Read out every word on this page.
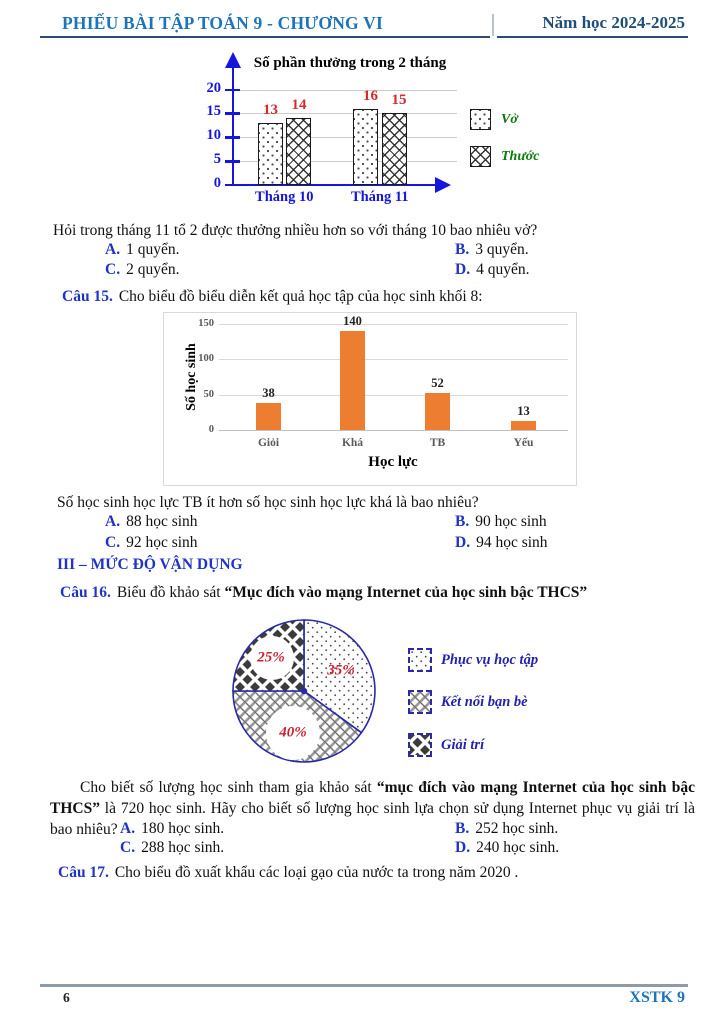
PHIẾU BÀI TẬP TOÁN 9 - CHƯƠNG VI	Năm học 2024-2025
Số phần thưởng trong 2 tháng
Vở
Thước
0
5
10
15
20
13 14
Tháng 10
16 15
Tháng 11
Hỏi trong tháng 11 tổ 2 được thưởng nhiều hơn so với tháng 10 bao nhiêu vở?
A. 1 quyển.	B. 3 quyển.
C. 2 quyển.	D. 4 quyển.
Câu 15. Cho biểu đồ biểu diễn kết quả học tập của học sinh khối 8:
Số học sinh
Học lực
0
50
100
150
38
Giỏi
140
Khá
52
TB
13
Yếu
Số học sinh học lực TB ít hơn số học sinh học lực khá là bao nhiêu?
A. 88 học sinh	B. 90 học sinh
C. 92 học sinh	D. 94 học sinh
III – MỨC ĐỘ VẬN DỤNG
Câu 16. Biểu đồ khảo sát “Mục đích vào mạng Internet của học sinh bậc THCS”
35%
40%
25%	Phục vụ học tập
Kết nối bạn bè
Giải trí
Cho biết số lượng học sinh tham gia khảo sát “mục đích vào mạng Internet của học sinh bậc THCS” là 720 học sinh. Hãy cho biết số lượng học sinh lựa chọn sử dụng Internet phục vụ giải trí là bao nhiêu? A. 180 học sinh.	B. 252 học sinh.
C. 288 học sinh.	D. 240 học sinh.
Câu 17. Cho biểu đồ xuất khẩu các loại gạo của nước ta trong năm 2020 .
6	XSTK 9
